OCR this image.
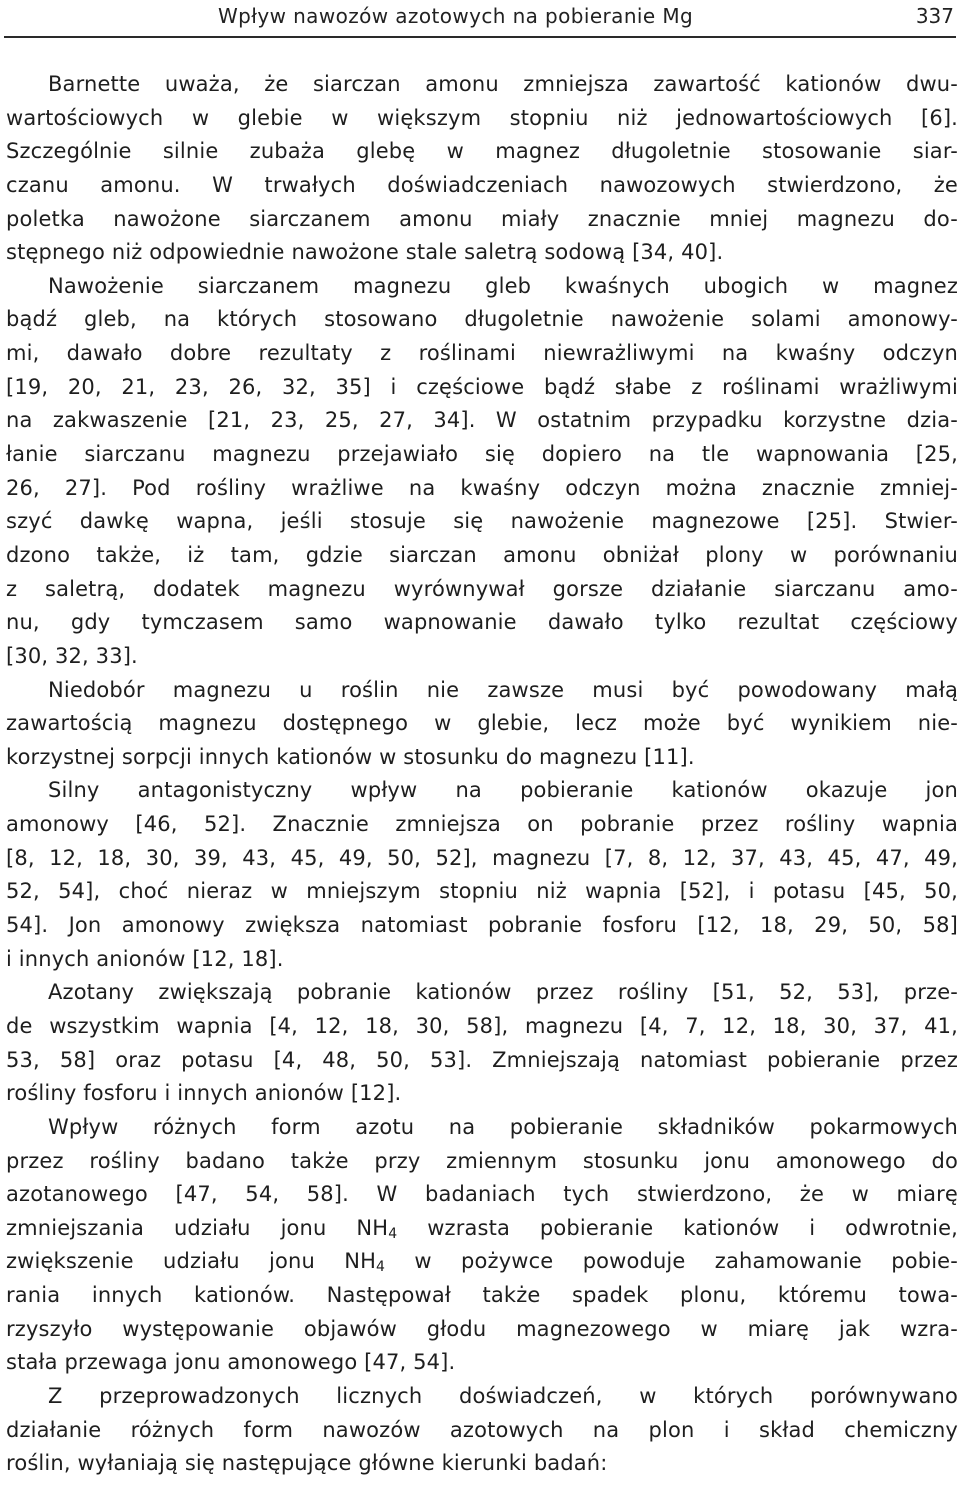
Wpływ nawozów azotowych na pobieranie Mg	337
Barnette uważa, że siarczan amonu zmniejsza zawartość kationów dwu-
wartościowych w glebie w większym stopniu niż jednowartościowych [6].
Szczególnie silnie zubaża glebę w magnez długoletnie stosowanie siar-
czanu amonu. W trwałych doświadczeniach nawozowych stwierdzono, że
poletka nawożone siarczanem amonu miały znacznie mniej magnezu do-
stępnego niż odpowiednie nawożone stale saletrą sodową [34, 40].
Nawożenie siarczanem magnezu gleb kwaśnych ubogich w magnez
bądź gleb, na których stosowano długoletnie nawożenie solami amonowy-
mi, dawało dobre rezultaty z roślinami niewrażliwymi na kwaśny odczyn
[19, 20, 21, 23, 26, 32, 35] i częściowe bądź słabe z roślinami wrażliwymi
na zakwaszenie [21, 23, 25, 27, 34]. W ostatnim przypadku korzystne dzia-
łanie siarczanu magnezu przejawiało się dopiero na tle wapnowania [25,
26, 27]. Pod rośliny wrażliwe na kwaśny odczyn można znacznie zmniej-
szyć dawkę wapna, jeśli stosuje się nawożenie magnezowe [25]. Stwier-
dzono także, iż tam, gdzie siarczan amonu obniżał plony w porównaniu
z saletrą, dodatek magnezu wyrównywał gorsze działanie siarczanu amo-
nu, gdy tymczasem samo wapnowanie dawało tylko rezultat częściowy
[30, 32, 33].
Niedobór magnezu u roślin nie zawsze musi być powodowany małą
zawartością magnezu dostępnego w glebie, lecz może być wynikiem nie-
korzystnej sorpcji innych kationów w stosunku do magnezu [11].
Silny antagonistyczny wpływ na pobieranie kationów okazuje jon
amonowy [46, 52]. Znacznie zmniejsza on pobranie przez rośliny wapnia
[8, 12, 18, 30, 39, 43, 45, 49, 50, 52], magnezu [7, 8, 12, 37, 43, 45, 47, 49,
52, 54], choć nieraz w mniejszym stopniu niż wapnia [52], i potasu [45, 50,
54]. Jon amonowy zwiększa natomiast pobranie fosforu [12, 18, 29, 50, 58]
i innych anionów [12, 18].
Azotany zwiększają pobranie kationów przez rośliny [51, 52, 53], prze-
de wszystkim wapnia [4, 12, 18, 30, 58], magnezu [4, 7, 12, 18, 30, 37, 41,
53, 58] oraz potasu [4, 48, 50, 53]. Zmniejszają natomiast pobieranie przez
rośliny fosforu i innych anionów [12].
Wpływ różnych form azotu na pobieranie składników pokarmowych
przez rośliny badano także przy zmiennym stosunku jonu amonowego do
azotanowego [47, 54, 58]. W badaniach tych stwierdzono, że w miarę
zmniejszania udziału jonu $NH_4$ wzrasta pobieranie kationów i odwrotnie,
zwiększenie udziału jonu $NH_4$ w pożywce powoduje zahamowanie pobie-
rania innych kationów. Następował także spadek plonu, któremu towa-
rzyszyło występowanie objawów głodu magnezowego w miarę jak wzra-
stała przewaga jonu amonowego [47, 54].
Z przeprowadzonych licznych doświadczeń, w których porównywano
działanie różnych form nawozów azotowych na plon i skład chemiczny
roślin, wyłaniają się następujące główne kierunki badań:
